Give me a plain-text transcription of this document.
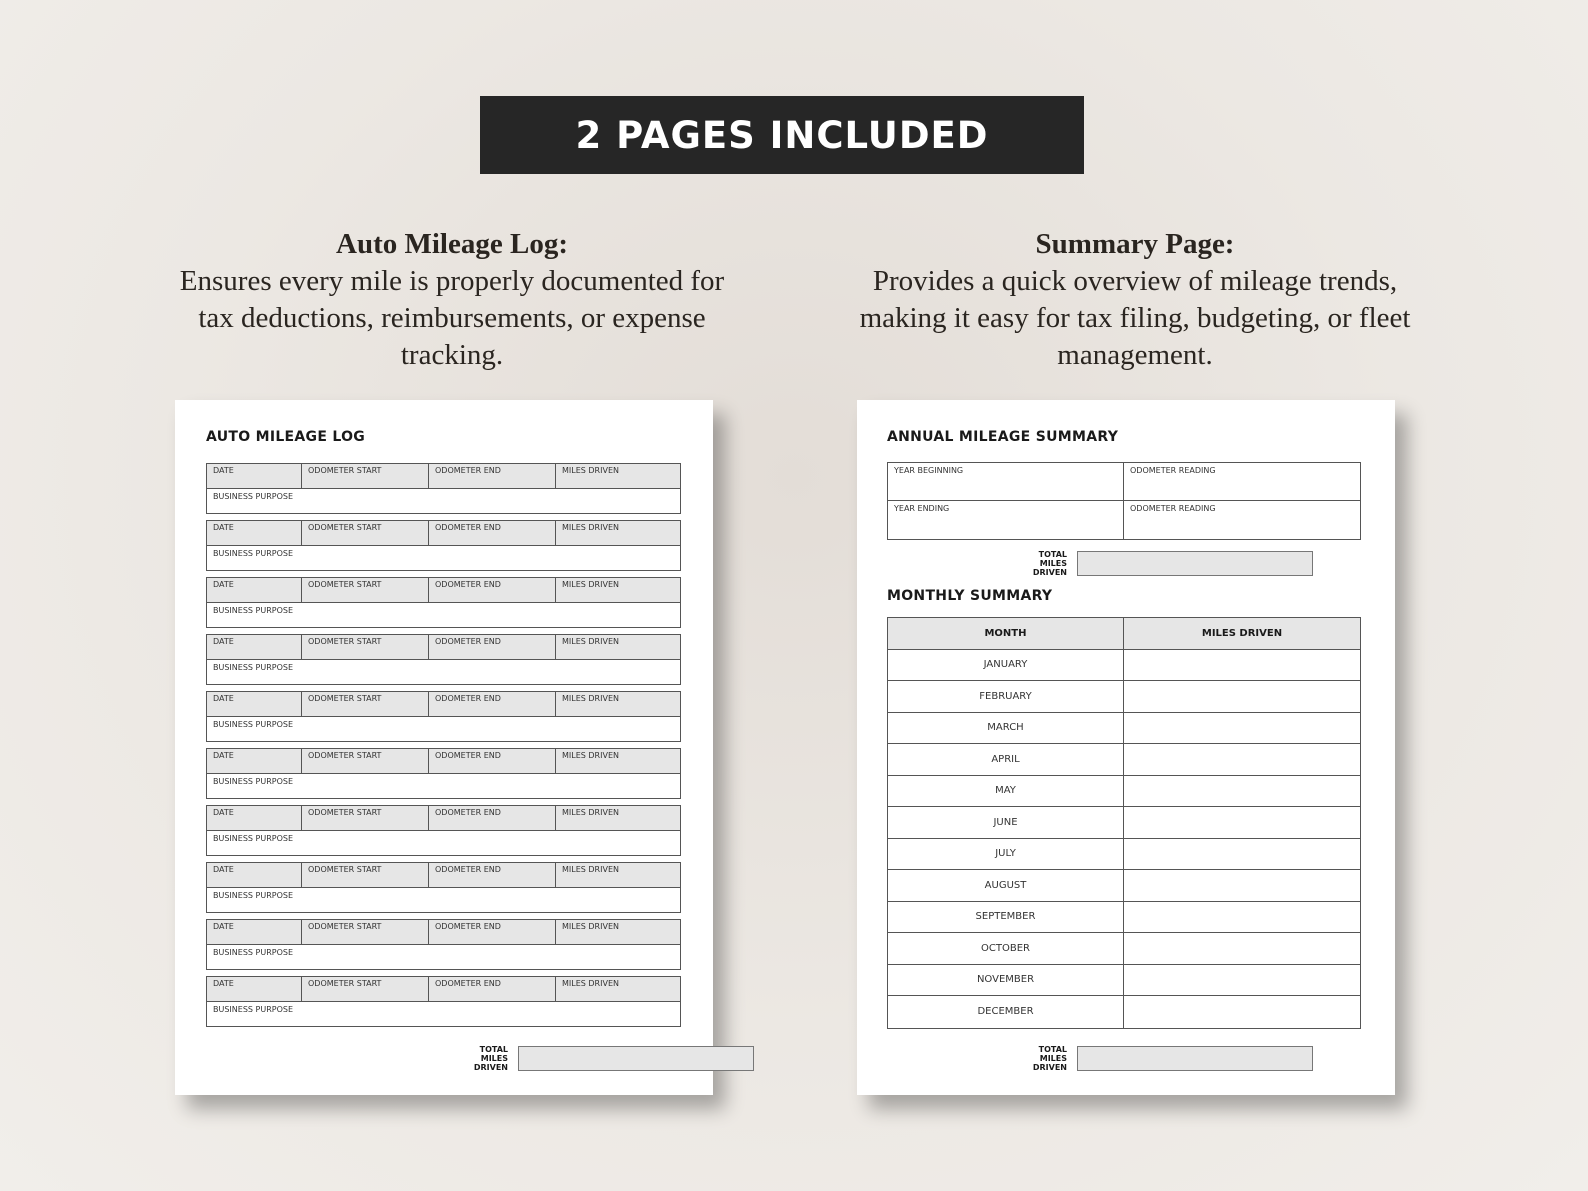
2 PAGES INCLUDED
Auto Mileage Log:
Ensures every mile is properly documented for tax deductions, reimbursements, or expense tracking.
Summary Page:
Provides a quick overview of mileage trends, making it easy for tax filing, budgeting, or fleet management.
AUTO MILEAGE LOG
DATE	ODOMETER START	ODOMETER END	MILES DRIVEN
BUSINESS PURPOSE
DATE	ODOMETER START	ODOMETER END	MILES DRIVEN
BUSINESS PURPOSE
DATE	ODOMETER START	ODOMETER END	MILES DRIVEN
BUSINESS PURPOSE
DATE	ODOMETER START	ODOMETER END	MILES DRIVEN
BUSINESS PURPOSE
DATE	ODOMETER START	ODOMETER END	MILES DRIVEN
BUSINESS PURPOSE
DATE	ODOMETER START	ODOMETER END	MILES DRIVEN
BUSINESS PURPOSE
DATE	ODOMETER START	ODOMETER END	MILES DRIVEN
BUSINESS PURPOSE
DATE	ODOMETER START	ODOMETER END	MILES DRIVEN
BUSINESS PURPOSE
DATE	ODOMETER START	ODOMETER END	MILES DRIVEN
BUSINESS PURPOSE
DATE	ODOMETER START	ODOMETER END	MILES DRIVEN
BUSINESS PURPOSE
TOTAL
MILES
DRIVEN
ANNUAL MILEAGE SUMMARY
YEAR BEGINNING	ODOMETER READING
YEAR ENDING	ODOMETER READING
TOTAL
MILES
DRIVEN
MONTHLY SUMMARY
MONTH	MILES DRIVEN
JANUARY
FEBRUARY
MARCH
APRIL
MAY
JUNE
JULY
AUGUST
SEPTEMBER
OCTOBER
NOVEMBER
DECEMBER
TOTAL
MILES
DRIVEN
